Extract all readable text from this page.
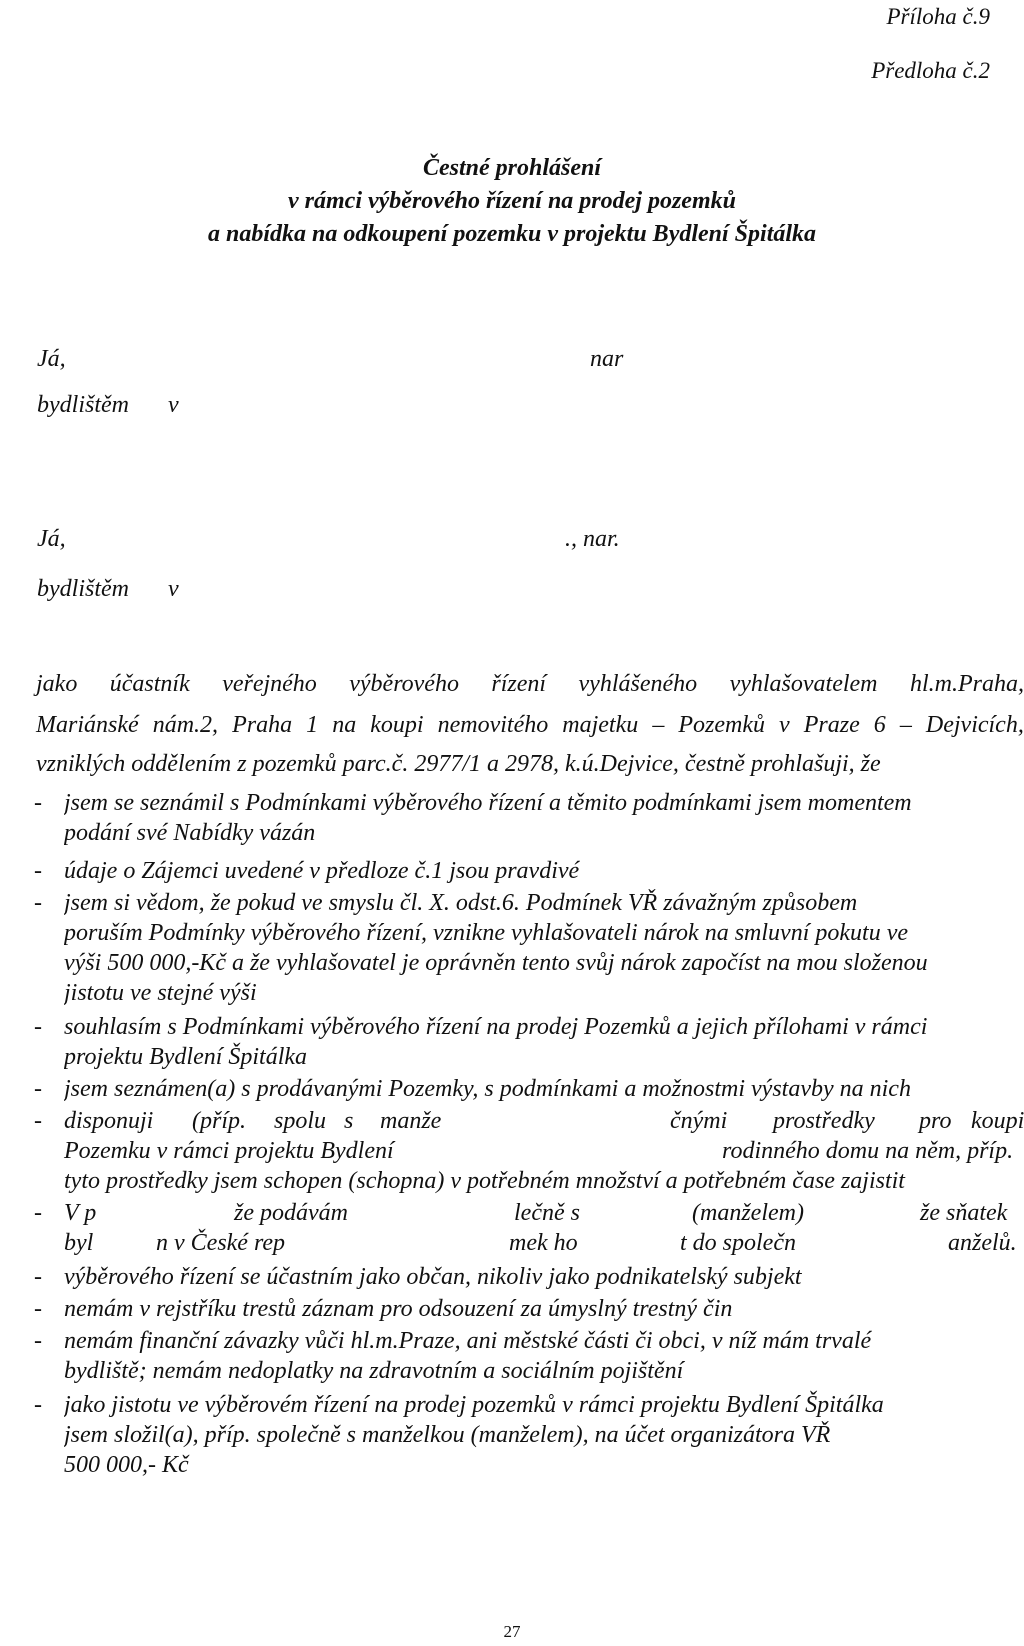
Příloha č.9
Předloha č.2
Čestné prohlášení
v rámci výběrového řízení na prodej pozemků
a nabídka na odkoupení pozemku v projektu Bydlení Špitálka
Já,	nar
bydlištěm v
Já,	., nar.
bydlištěm v
jako účastník veřejného výběrového řízení vyhlášeného vyhlašovatelem hl.m.Praha,
Mariánské nám.2, Praha 1 na koupi nemovitého majetku – Pozemků v Praze 6 – Dejvicích,
vzniklých oddělením z pozemků parc.č. 2977/1 a 2978, k.ú.Dejvice, čestně prohlašuji, že
- jsem se seznámil s Podmínkami výběrového řízení a těmito podmínkami jsem momentem
podání své Nabídky vázán
- údaje o Zájemci uvedené v předloze č.1 jsou pravdivé
- jsem si vědom, že pokud ve smyslu čl. X. odst.6. Podmínek VŘ závažným způsobem
poruším Podmínky výběrového řízení, vznikne vyhlašovateli nárok na smluvní pokutu ve
výši 500 000,-Kč a že vyhlašovatel je oprávněn tento svůj nárok započíst na mou složenou
jistotu ve stejné výši
- souhlasím s Podmínkami výběrového řízení na prodej Pozemků a jejich přílohami v rámci
projektu Bydlení Špitálka
- jsem seznámen(a) s prodávanými Pozemky, s podmínkami a možnostmi výstavby na nich
- disponuji (příp. spolu s manže	čnými prostředky pro koupi
Pozemku v rámci projektu Bydlení	rodinného domu na něm, příp.
tyto prostředky jsem schopen (schopna) v potřebném množství a potřebném čase zajistit
- V p	že podávám	lečně s	(manželem)	že sňatek
byl	n v České rep	mek ho	t do společn	anželů.
- výběrového řízení se účastním jako občan, nikoliv jako podnikatelský subjekt
- nemám v rejstříku trestů záznam pro odsouzení za úmyslný trestný čin
- nemám finanční závazky vůči hl.m.Praze, ani městské části či obci, v níž mám trvalé
bydliště; nemám nedoplatky na zdravotním a sociálním pojištění
- jako jistotu ve výběrovém řízení na prodej pozemků v rámci projektu Bydlení Špitálka
jsem složil(a), příp. společně s manželkou (manželem), na účet organizátora VŘ
500 000,- Kč
27
